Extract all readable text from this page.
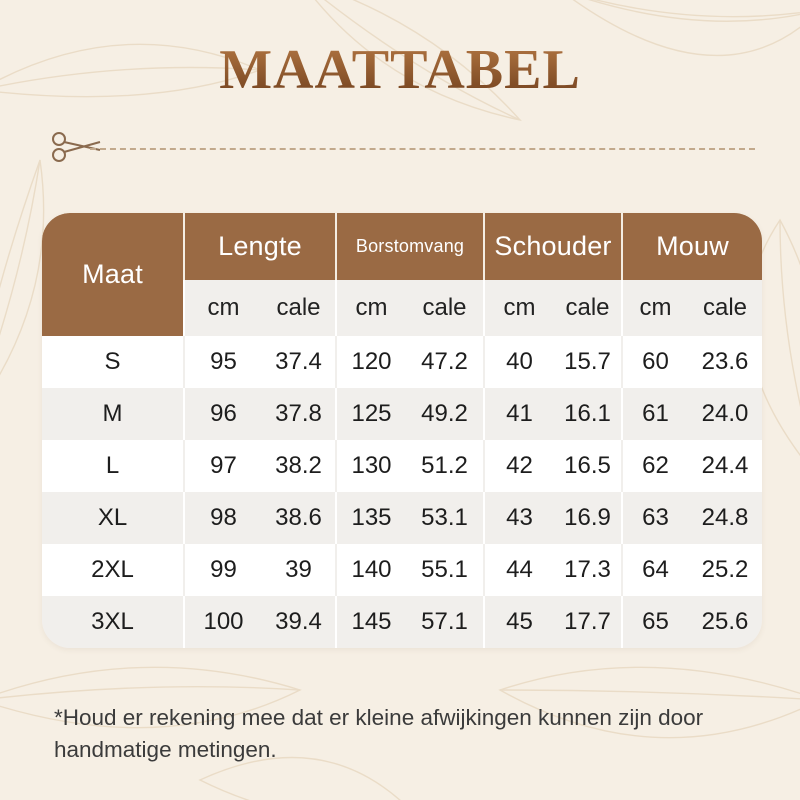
MAATTABEL
Maat	Lengte		Borstomvang		Schouder		Mouw	
	cm	cale	cm	cale	cm	cale	cm	cale
S	95	37.4	120	47.2	40	15.7	60	23.6
M	96	37.8	125	49.2	41	16.1	61	24.0
L	97	38.2	130	51.2	42	16.5	62	24.4
XL	98	38.6	135	53.1	43	16.9	63	24.8
2XL	99	39	140	55.1	44	17.3	64	25.2
3XL	100	39.4	145	57.1	45	17.7	65	25.6
*Houd er rekening mee dat er kleine afwijkingen kunnen zijn door handmatige metingen.
